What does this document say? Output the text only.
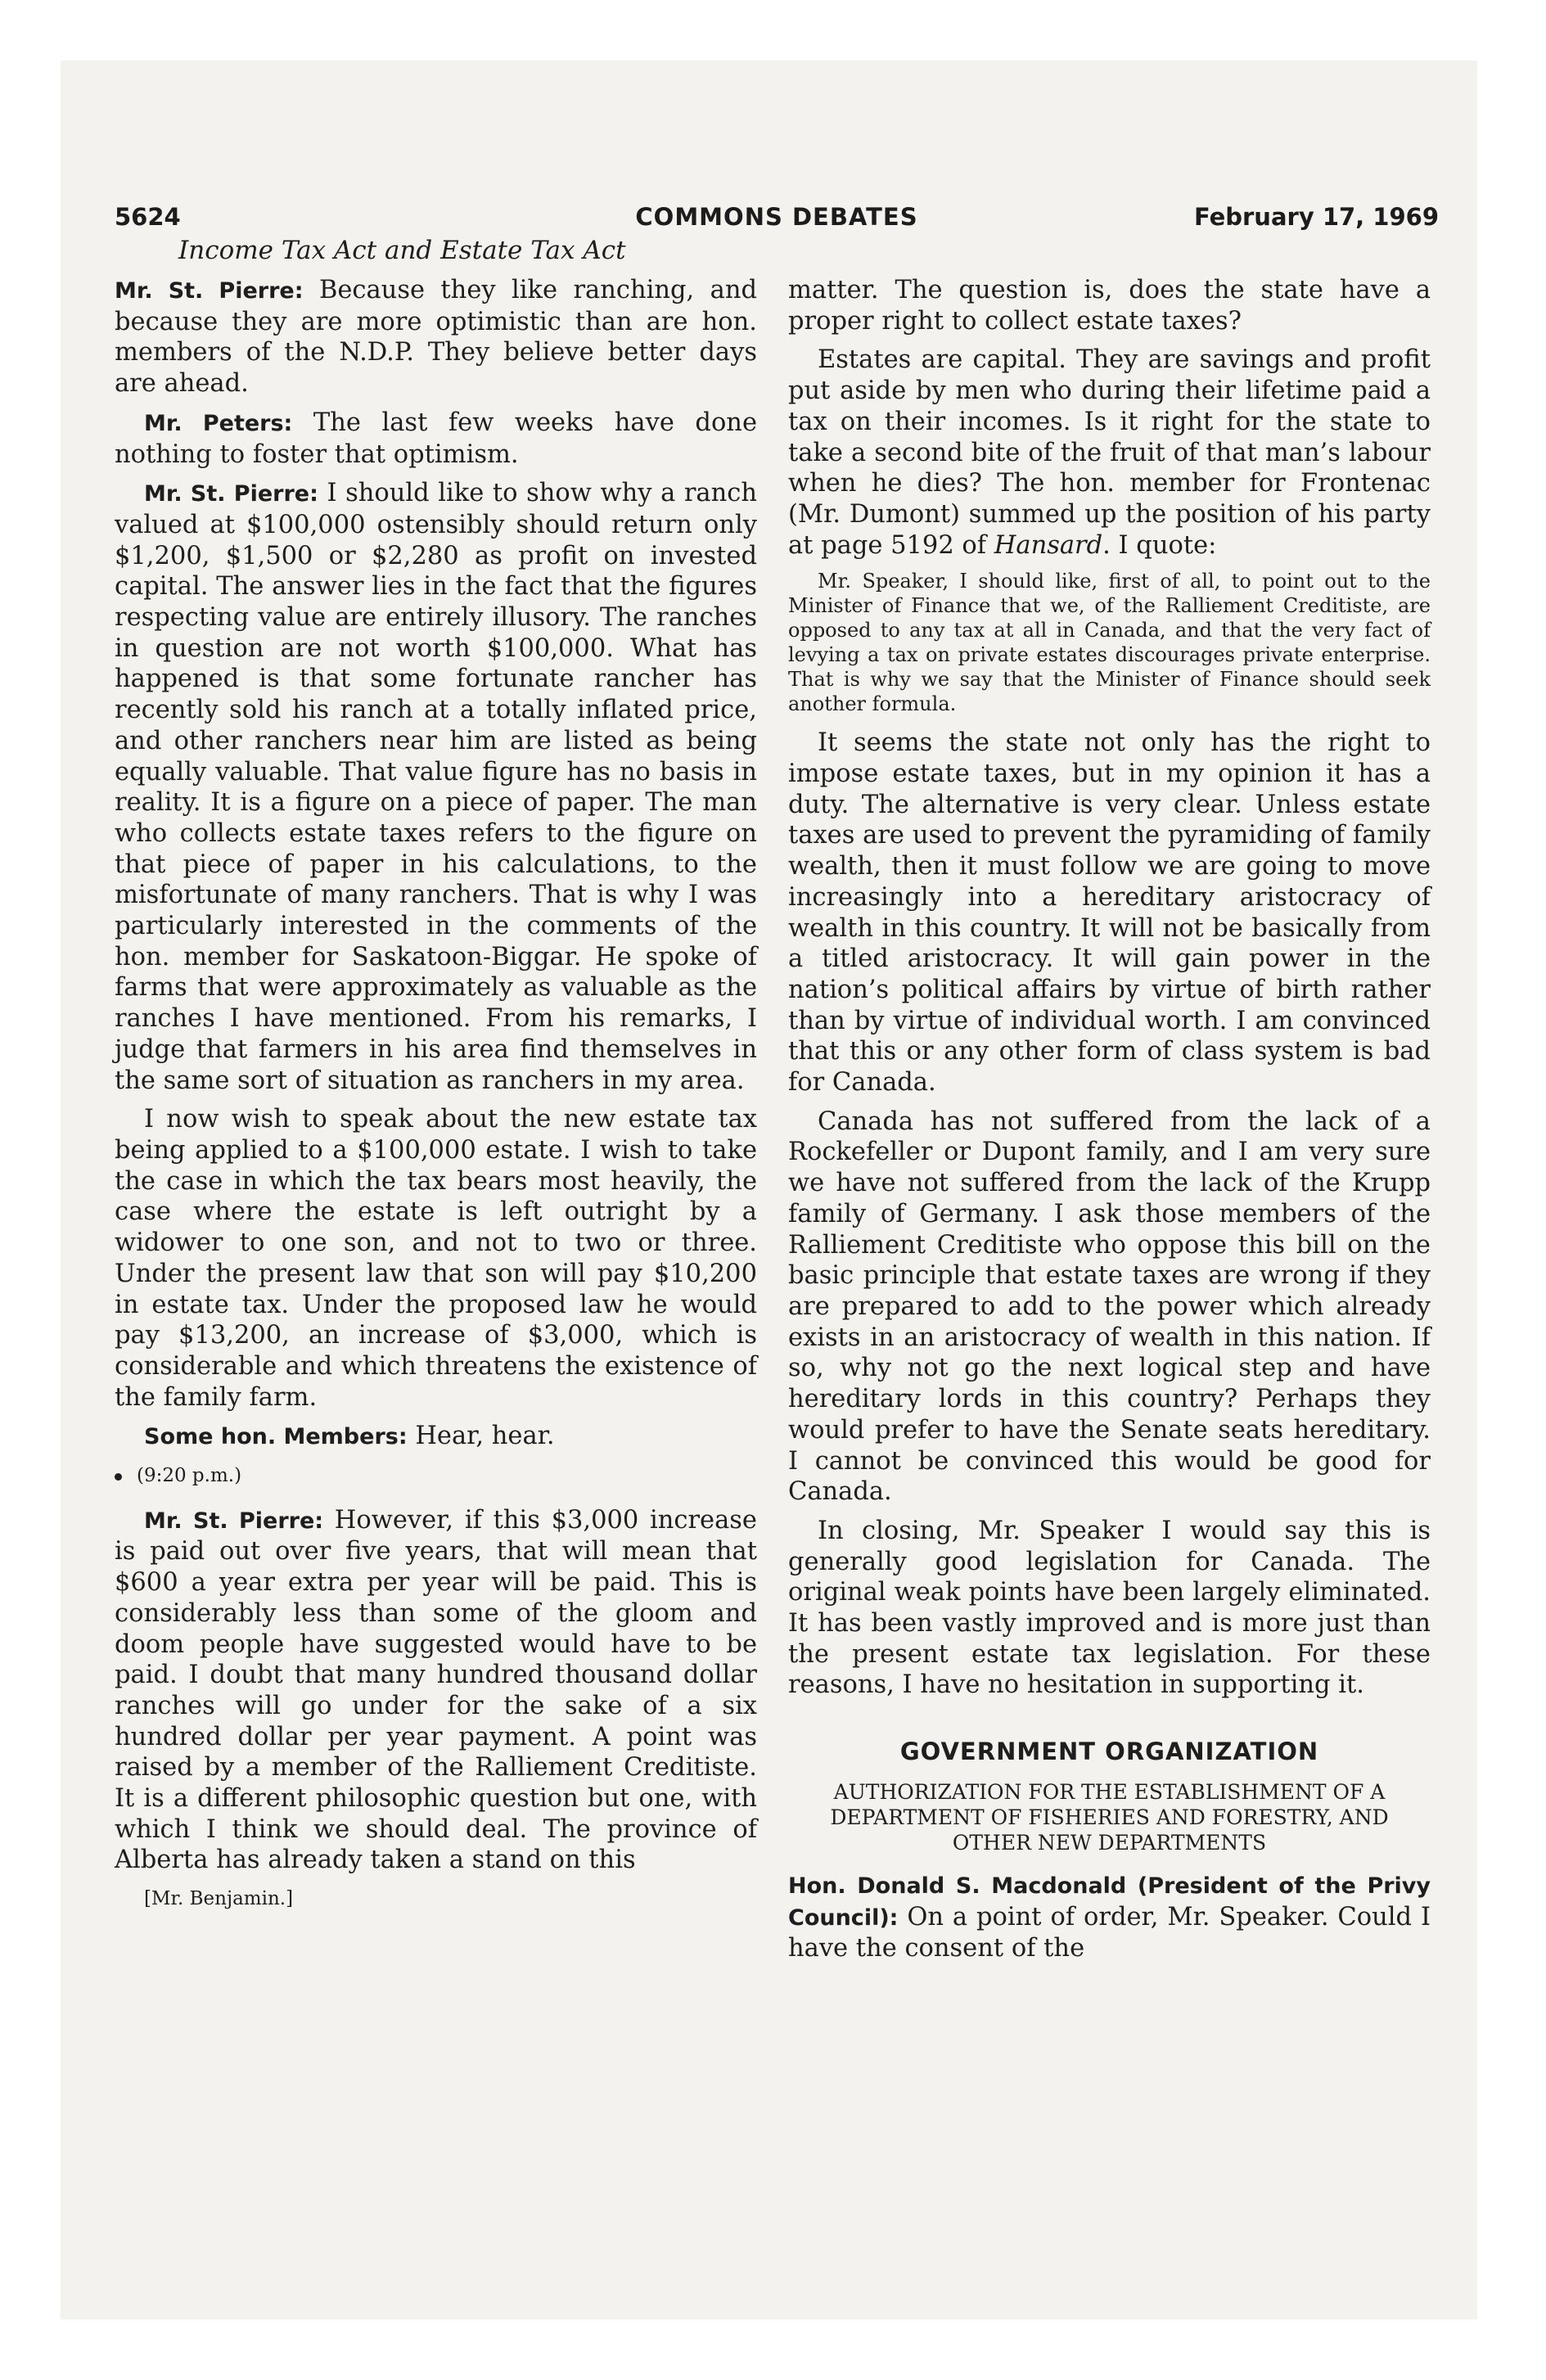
5624	COMMONS DEBATES	February 17, 1969
Income Tax Act and Estate Tax Act

Mr. St. Pierre: Because they like ranching, and because they are more optimistic than are hon. members of the N.D.P. They believe better days are ahead.

Mr. Peters: The last few weeks have done nothing to foster that optimism.

Mr. St. Pierre: I should like to show why a ranch valued at $100,000 ostensibly should return only $1,200, $1,500 or $2,280 as profit on invested capital. The answer lies in the fact that the figures respecting value are entirely illusory. The ranches in question are not worth $100,000. What has happened is that some fortunate rancher has recently sold his ranch at a totally inflated price, and other ranchers near him are listed as being equally valuable. That value figure has no basis in reality. It is a figure on a piece of paper. The man who collects estate taxes refers to the figure on that piece of paper in his calculations, to the misfortunate of many ranchers. That is why I was particularly interested in the comments of the hon. member for Saskatoon-Biggar. He spoke of farms that were approximately as valuable as the ranches I have mentioned. From his remarks, I judge that farmers in his area find themselves in the same sort of situation as ranchers in my area.

I now wish to speak about the new estate tax being applied to a $100,000 estate. I wish to take the case in which the tax bears most heavily, the case where the estate is left outright by a widower to one son, and not to two or three. Under the present law that son will pay $10,200 in estate tax. Under the proposed law he would pay $13,200, an increase of $3,000, which is considerable and which threatens the existence of the family farm.

Some hon. Members: Hear, hear.

(9:20 p.m.)

Mr. St. Pierre: However, if this $3,000 increase is paid out over five years, that will mean that $600 a year extra per year will be paid. This is considerably less than some of the gloom and doom people have suggested would have to be paid. I doubt that many hundred thousand dollar ranches will go under for the sake of a six hundred dollar per year payment. A point was raised by a member of the Ralliement Creditiste. It is a different philosophic question but one, with which I think we should deal. The province of Alberta has already taken a stand on this

[Mr. Benjamin.]

matter. The question is, does the state have a proper right to collect estate taxes?

Estates are capital. They are savings and profit put aside by men who during their lifetime paid a tax on their incomes. Is it right for the state to take a second bite of the fruit of that man’s labour when he dies? The hon. member for Frontenac (Mr. Dumont) summed up the position of his party at page 5192 of Hansard. I quote:

Mr. Speaker, I should like, first of all, to point out to the Minister of Finance that we, of the Ralliement Creditiste, are opposed to any tax at all in Canada, and that the very fact of levying a tax on private estates discourages private enterprise. That is why we say that the Minister of Finance should seek another formula.

It seems the state not only has the right to impose estate taxes, but in my opinion it has a duty. The alternative is very clear. Unless estate taxes are used to prevent the pyramiding of family wealth, then it must follow we are going to move increasingly into a hereditary aristocracy of wealth in this country. It will not be basically from a titled aristocracy. It will gain power in the nation’s political affairs by virtue of birth rather than by virtue of individual worth. I am convinced that this or any other form of class system is bad for Canada.

Canada has not suffered from the lack of a Rockefeller or Dupont family, and I am very sure we have not suffered from the lack of the Krupp family of Germany. I ask those members of the Ralliement Creditiste who oppose this bill on the basic principle that estate taxes are wrong if they are prepared to add to the power which already exists in an aristocracy of wealth in this nation. If so, why not go the next logical step and have hereditary lords in this country? Perhaps they would prefer to have the Senate seats hereditary. I cannot be convinced this would be good for Canada.

In closing, Mr. Speaker I would say this is generally good legislation for Canada. The original weak points have been largely eliminated. It has been vastly improved and is more just than the present estate tax legislation. For these reasons, I have no hesitation in supporting it.

GOVERNMENT ORGANIZATION

AUTHORIZATION FOR THE ESTABLISHMENT OF A DEPARTMENT OF FISHERIES AND FORESTRY, AND OTHER NEW DEPARTMENTS

Hon. Donald S. Macdonald (President of the Privy Council): On a point of order, Mr. Speaker. Could I have the consent of the
